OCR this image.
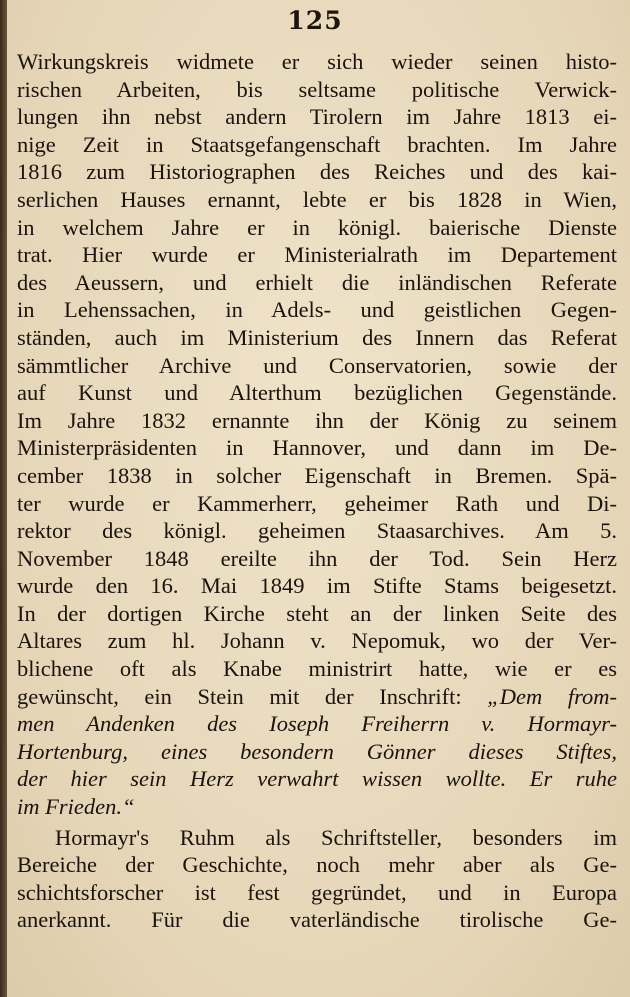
125
Wirkungskreis widmete er sich wieder seinen histo-
rischen Arbeiten, bis seltsame politische Verwick-
lungen ihn nebst andern Tirolern im Jahre 1813 ei-
nige Zeit in Staatsgefangenschaft brachten. Im Jahre
1816 zum Historiographen des Reiches und des kai-
serlichen Hauses ernannt, lebte er bis 1828 in Wien,
in welchem Jahre er in königl. baierische Dienste
trat. Hier wurde er Ministerialrath im Departement
des Aeussern, und erhielt die inländischen Referate
in Lehenssachen, in Adels- und geistlichen Gegen-
ständen, auch im Ministerium des Innern das Referat
sämmtlicher Archive und Conservatorien, sowie der
auf Kunst und Alterthum bezüglichen Gegenstände.
Im Jahre 1832 ernannte ihn der König zu seinem
Ministerpräsidenten in Hannover, und dann im De-
cember 1838 in solcher Eigenschaft in Bremen. Spä-
ter wurde er Kammerherr, geheimer Rath und Di-
rektor des königl. geheimen Staasarchives. Am 5.
November 1848 ereilte ihn der Tod. Sein Herz
wurde den 16. Mai 1849 im Stifte Stams beigesetzt.
In der dortigen Kirche steht an der linken Seite des
Altares zum hl. Johann v. Nepomuk, wo der Ver-
blichene oft als Knabe ministrirt hatte, wie er es
gewünscht, ein Stein mit der Inschrift: „Dem from-
men Andenken des Ioseph Freiherrn v. Hormayr-
Hortenburg, eines besondern Gönner dieses Stiftes,
der hier sein Herz verwahrt wissen wollte. Er ruhe
im Frieden.“
Hormayr's Ruhm als Schriftsteller, besonders im
Bereiche der Geschichte, noch mehr aber als Ge-
schichtsforscher ist fest gegründet, und in Europa
anerkannt. Für die vaterländische tirolische Ge-
